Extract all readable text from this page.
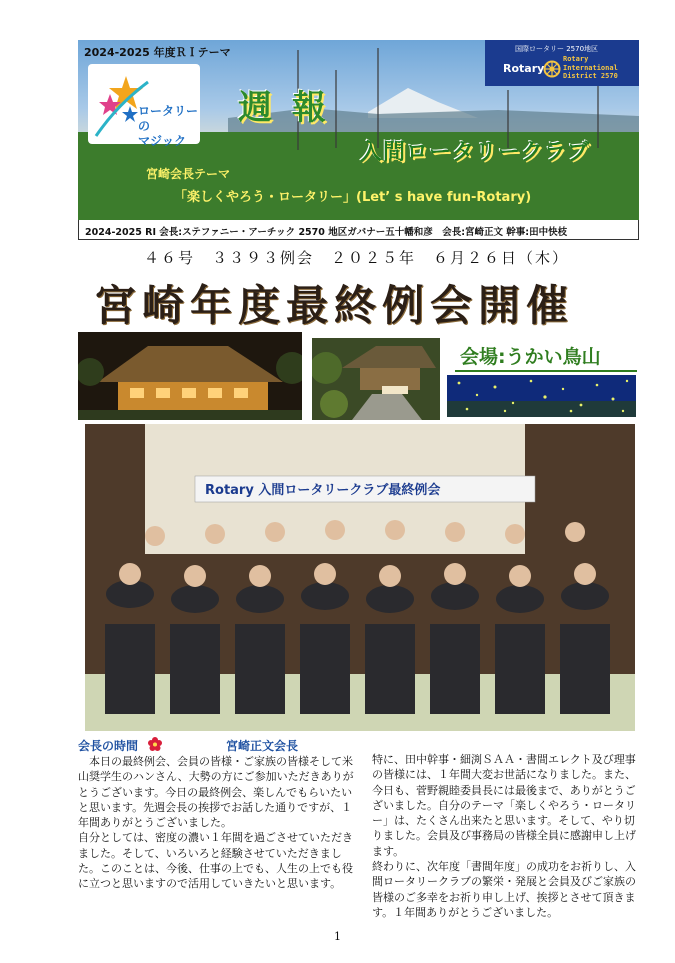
2024-2025 年度ＲＩテーマ
ロータリーの
マジック
週 報
入間ロータリークラブ
国際ロータリー 2570地区
Rotary
Rotary
International
District 2570
宮崎会長テーマ
「楽しくやろう・ロータリー」(Let’ s have fun-Rotary)
2024-2025 RI 会長:ステファニー・アーチック 2570 地区ガバナー五十幡和彦　会長:宮崎正文 幹事:田中快枝
４６号　３３９３例会　２０２５年　６月２６日（木）
宮崎年度最終例会開催
会場:うかい鳥山
Rotary 入間ロータリークラブ最終例会
会長の時間	宮崎正文会長

本日の最終例会、会員の皆様・ご家族の皆様そして米山奨学生のハンさん、大勢の方にご参加いただきありがとうございます。今日の最終例会、楽しんでもらいたいと思います。先週会長の挨拶でお話した通りですが、１年間ありがとうございました。

自分としては、密度の濃い１年間を過ごさせていただきました。そして、いろいろと経験させていただきました。このことは、今後、仕事の上でも、人生の上でも役に立つと思いますので活用していきたいと思います。

特に、田中幹事・細渕ＳＡＡ・書間エレクト及び理事の皆様には、１年間大変お世話になりました。また、今日も、菅野親睦委員長には最後まで、ありがとうございました。自分のテーマ「楽しくやろう・ロータリー」は、たくさん出来たと思います。そして、やり切りました。会員及び事務局の皆様全員に感謝申し上げます。

終わりに、次年度「書間年度」の成功をお祈りし、入間ロータリークラブの繁栄・発展と会員及びご家族の皆様のご多幸をお祈り申し上げ、挨拶とさせて頂きます。１年間ありがとうございました。

1
